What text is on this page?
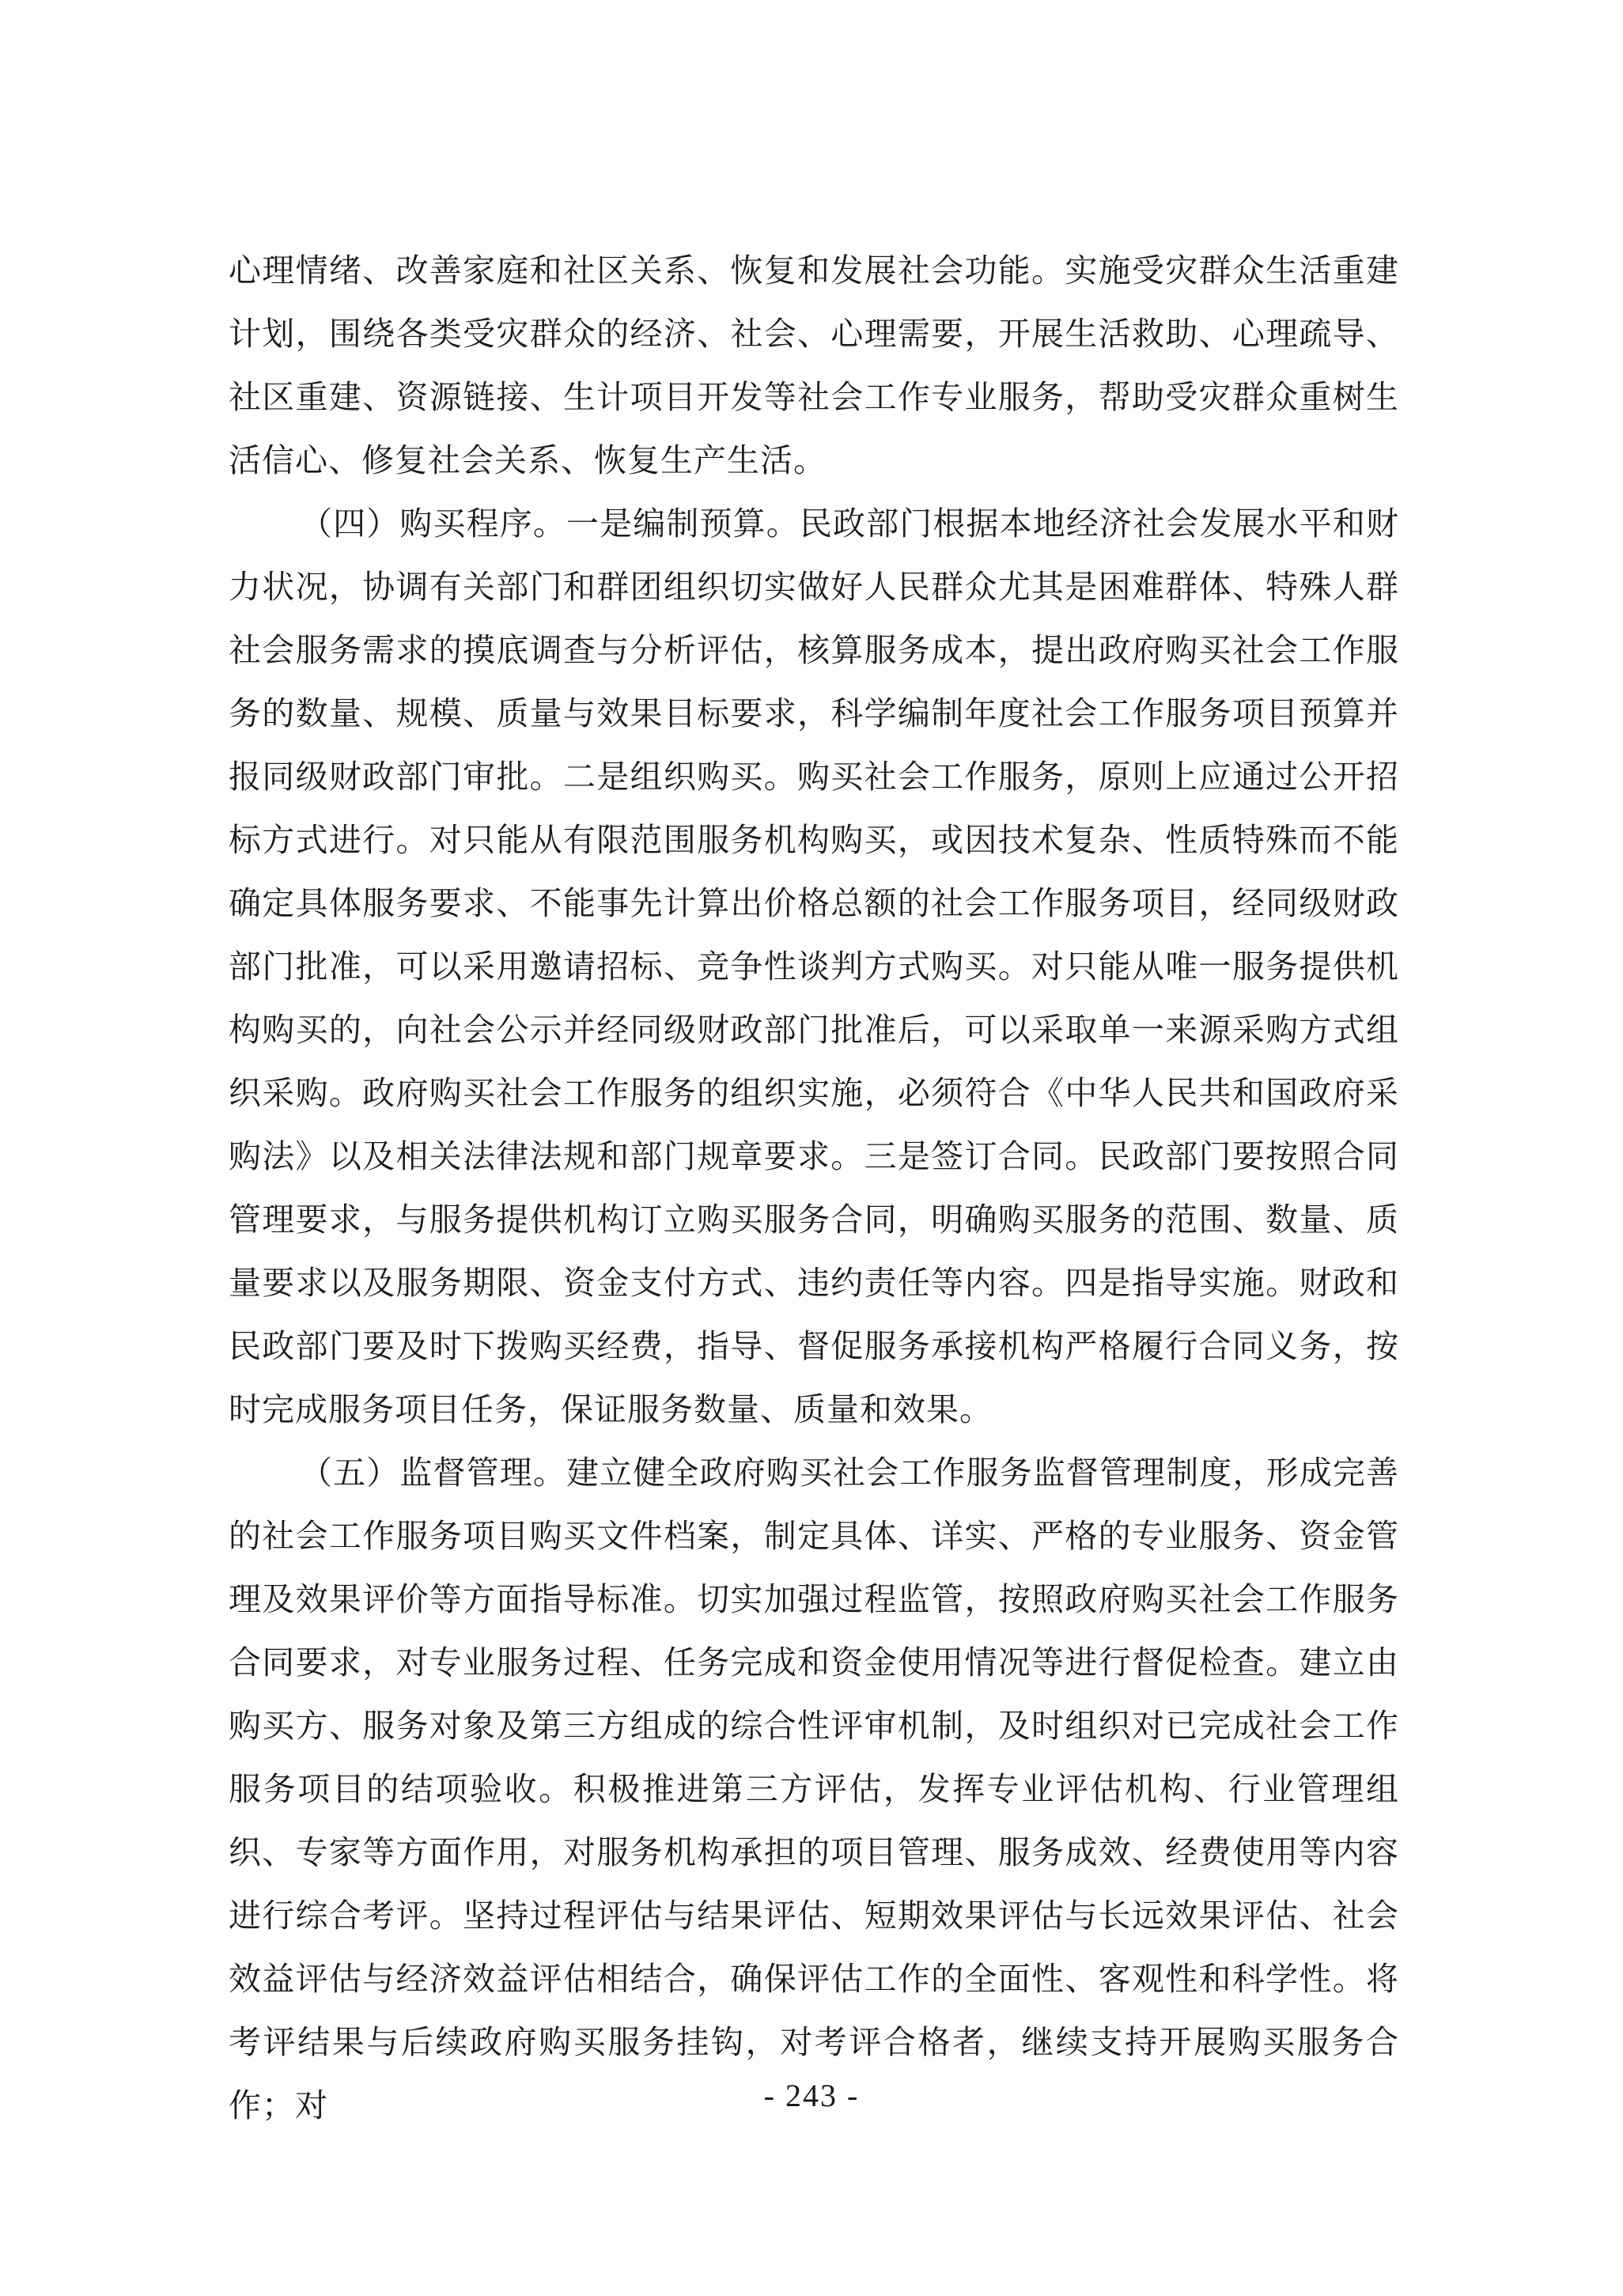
心理情绪、改善家庭和社区关系、恢复和发展社会功能。实施受灾群众生活重建计划，围绕各类受灾群众的经济、社会、心理需要，开展生活救助、心理疏导、社区重建、资源链接、生计项目开发等社会工作专业服务，帮助受灾群众重树生活信心、修复社会关系、恢复生产生活。

（四）购买程序。一是编制预算。民政部门根据本地经济社会发展水平和财力状况，协调有关部门和群团组织切实做好人民群众尤其是困难群体、特殊人群社会服务需求的摸底调查与分析评估，核算服务成本，提出政府购买社会工作服务的数量、规模、质量与效果目标要求，科学编制年度社会工作服务项目预算并报同级财政部门审批。二是组织购买。购买社会工作服务，原则上应通过公开招标方式进行。对只能从有限范围服务机构购买，或因技术复杂、性质特殊而不能确定具体服务要求、不能事先计算出价格总额的社会工作服务项目，经同级财政部门批准，可以采用邀请招标、竞争性谈判方式购买。对只能从唯一服务提供机构购买的，向社会公示并经同级财政部门批准后，可以采取单一来源采购方式组织采购。政府购买社会工作服务的组织实施，必须符合《中华人民共和国政府采购法》以及相关法律法规和部门规章要求。三是签订合同。民政部门要按照合同管理要求，与服务提供机构订立购买服务合同，明确购买服务的范围、数量、质量要求以及服务期限、资金支付方式、违约责任等内容。四是指导实施。财政和民政部门要及时下拨购买经费，指导、督促服务承接机构严格履行合同义务，按时完成服务项目任务，保证服务数量、质量和效果。

（五）监督管理。建立健全政府购买社会工作服务监督管理制度，形成完善的社会工作服务项目购买文件档案，制定具体、详实、严格的专业服务、资金管理及效果评价等方面指导标准。切实加强过程监管，按照政府购买社会工作服务合同要求，对专业服务过程、任务完成和资金使用情况等进行督促检查。建立由购买方、服务对象及第三方组成的综合性评审机制，及时组织对已完成社会工作服务项目的结项验收。积极推进第三方评估，发挥专业评估机构、行业管理组织、专家等方面作用，对服务机构承担的项目管理、服务成效、经费使用等内容进行综合考评。坚持过程评估与结果评估、短期效果评估与长远效果评估、社会效益评估与经济效益评估相结合，确保评估工作的全面性、客观性和科学性。将考评结果与后续政府购买服务挂钩，对考评合格者，继续支持开展购买服务合作；对	- 243 -
